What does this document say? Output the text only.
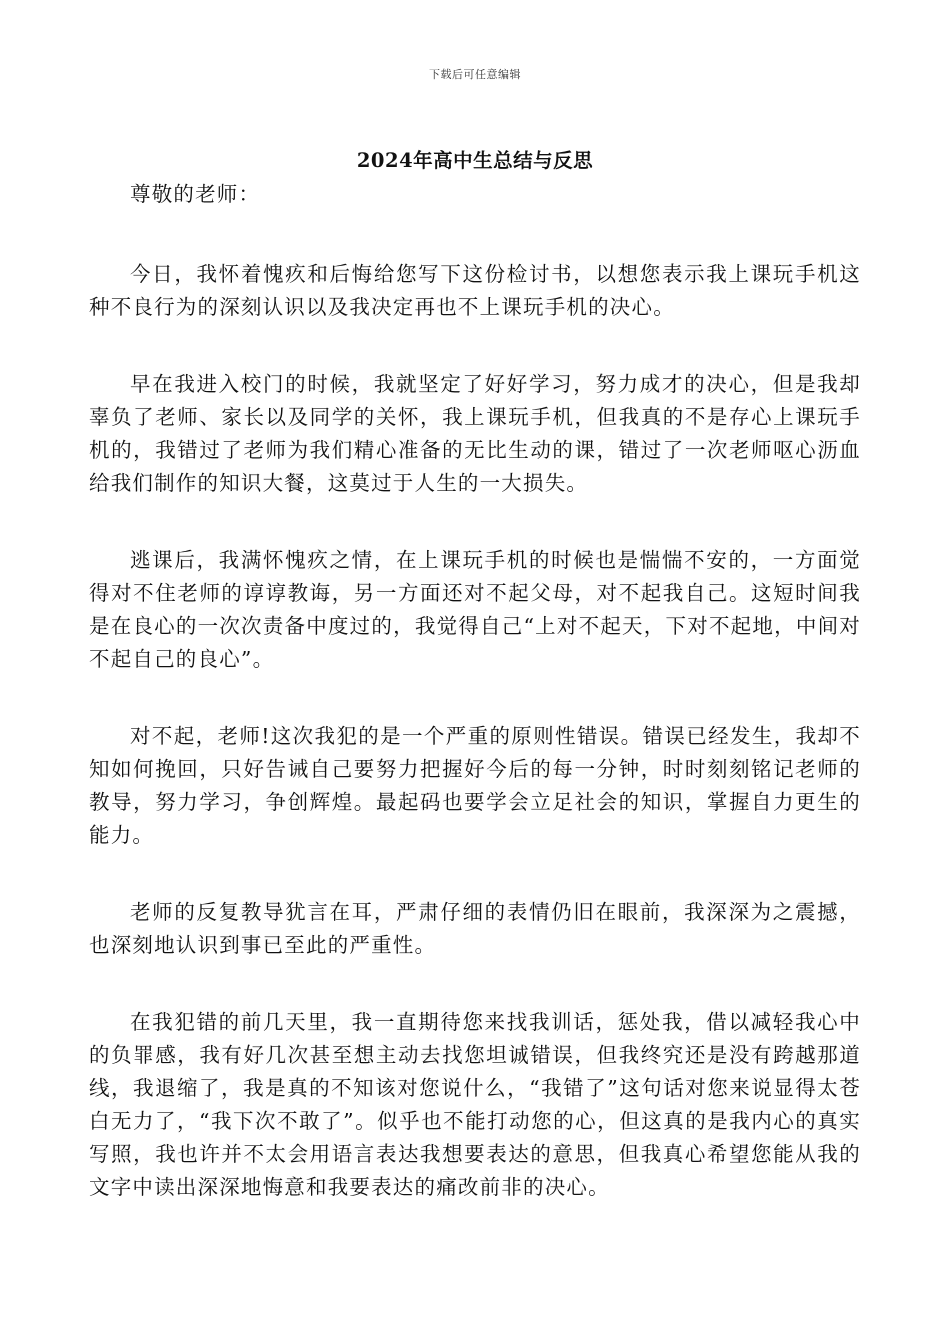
下载后可任意编辑
2024年高中生总结与反思

尊敬的老师：

今日，我怀着愧疚和后悔给您写下这份检讨书，以想您表示我上课玩手机这种不良行为的深刻认识以及我决定再也不上课玩手机的决心。

早在我进入校门的时候，我就坚定了好好学习，努力成才的决心，但是我却辜负了老师、家长以及同学的关怀，我上课玩手机，但我真的不是存心上课玩手机的，我错过了老师为我们精心准备的无比生动的课，错过了一次老师呕心沥血给我们制作的知识大餐，这莫过于人生的一大损失。

逃课后，我满怀愧疚之情，在上课玩手机的时候也是惴惴不安的，一方面觉得对不住老师的谆谆教诲，另一方面还对不起父母，对不起我自己。这短时间我是在良心的一次次责备中度过的，我觉得自己“上对不起天，下对不起地，中间对不起自己的良心”。

对不起，老师!这次我犯的是一个严重的原则性错误。错误已经发生，我却不知如何挽回，只好告诫自己要努力把握好今后的每一分钟，时时刻刻铭记老师的教导，努力学习，争创辉煌。最起码也要学会立足社会的知识，掌握自力更生的能力。

老师的反复教导犹言在耳，严肃仔细的表情仍旧在眼前，我深深为之震撼，也深刻地认识到事已至此的严重性。

在我犯错的前几天里，我一直期待您来找我训话，惩处我，借以减轻我心中的负罪感，我有好几次甚至想主动去找您坦诚错误，但我终究还是没有跨越那道线，我退缩了，我是真的不知该对您说什么，“我错了”这句话对您来说显得太苍白无力了，“我下次不敢了”。似乎也不能打动您的心，但这真的是我内心的真实写照，我也许并不太会用语言表达我想要表达的意思，但我真心希望您能从我的文字中读出深深地悔意和我要表达的痛改前非的决心。
